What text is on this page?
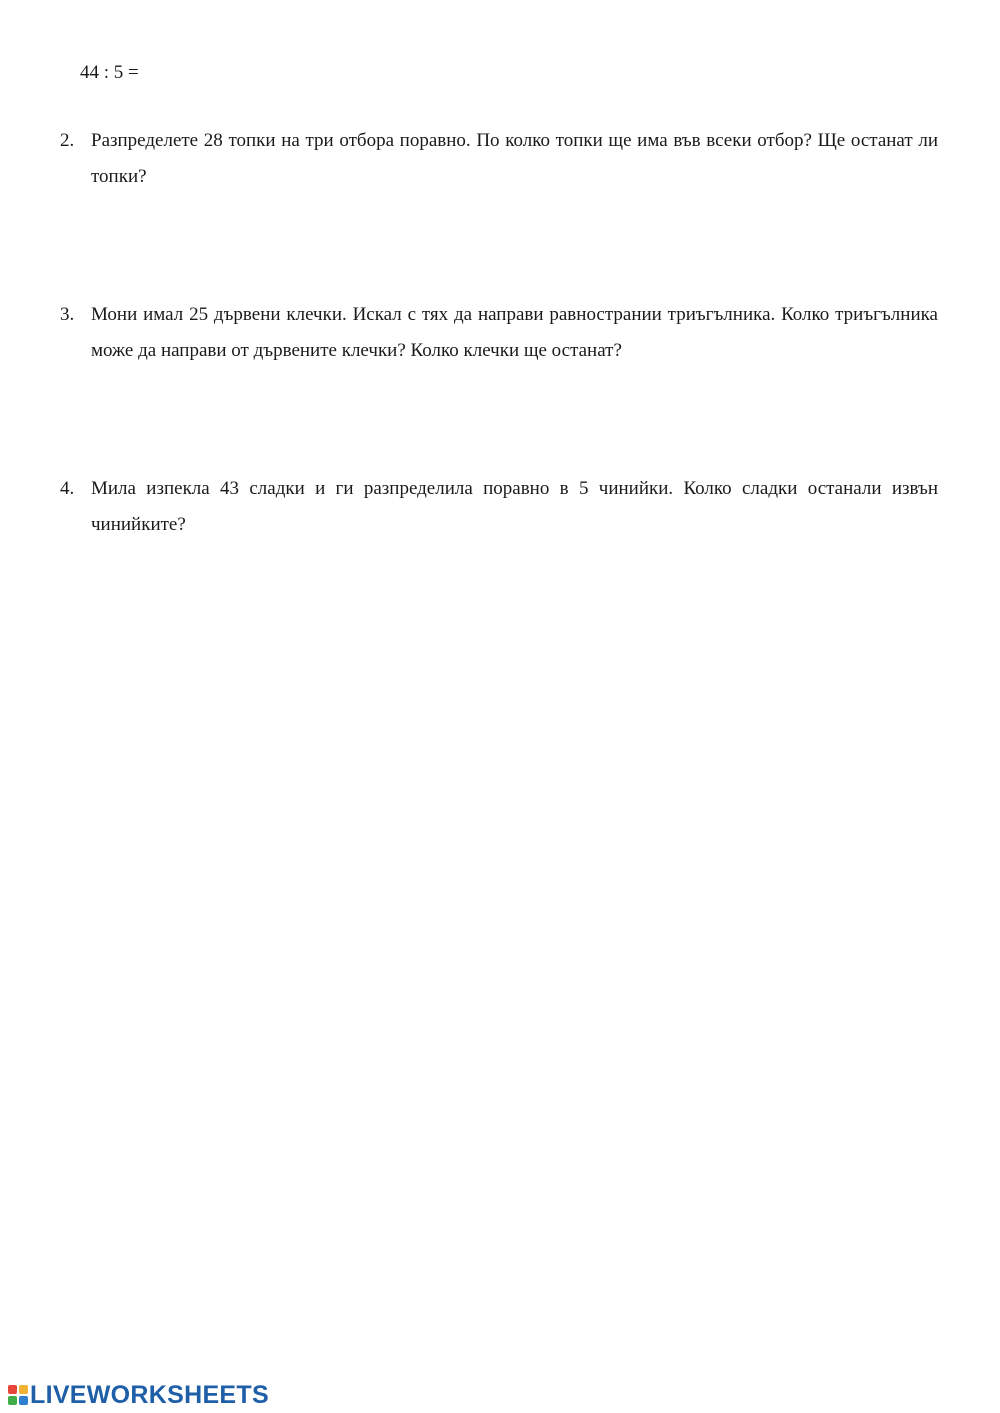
44 : 5 =
2. Разпределете 28 топки на три отбора поравно. По колко топки ще има във всеки отбор? Ще останат ли топки?
3. Мони имал 25 дървени клечки. Искал с тях да направи равнострании триъгълника. Колко триъгълника може да направи от дървените клечки? Колко клечки ще останат?
4. Мила изпекла 43 сладки и ги разпределила поравно в 5 чинийки. Колко сладки останали извън чинийките?
LIVEWORKSHEETS
